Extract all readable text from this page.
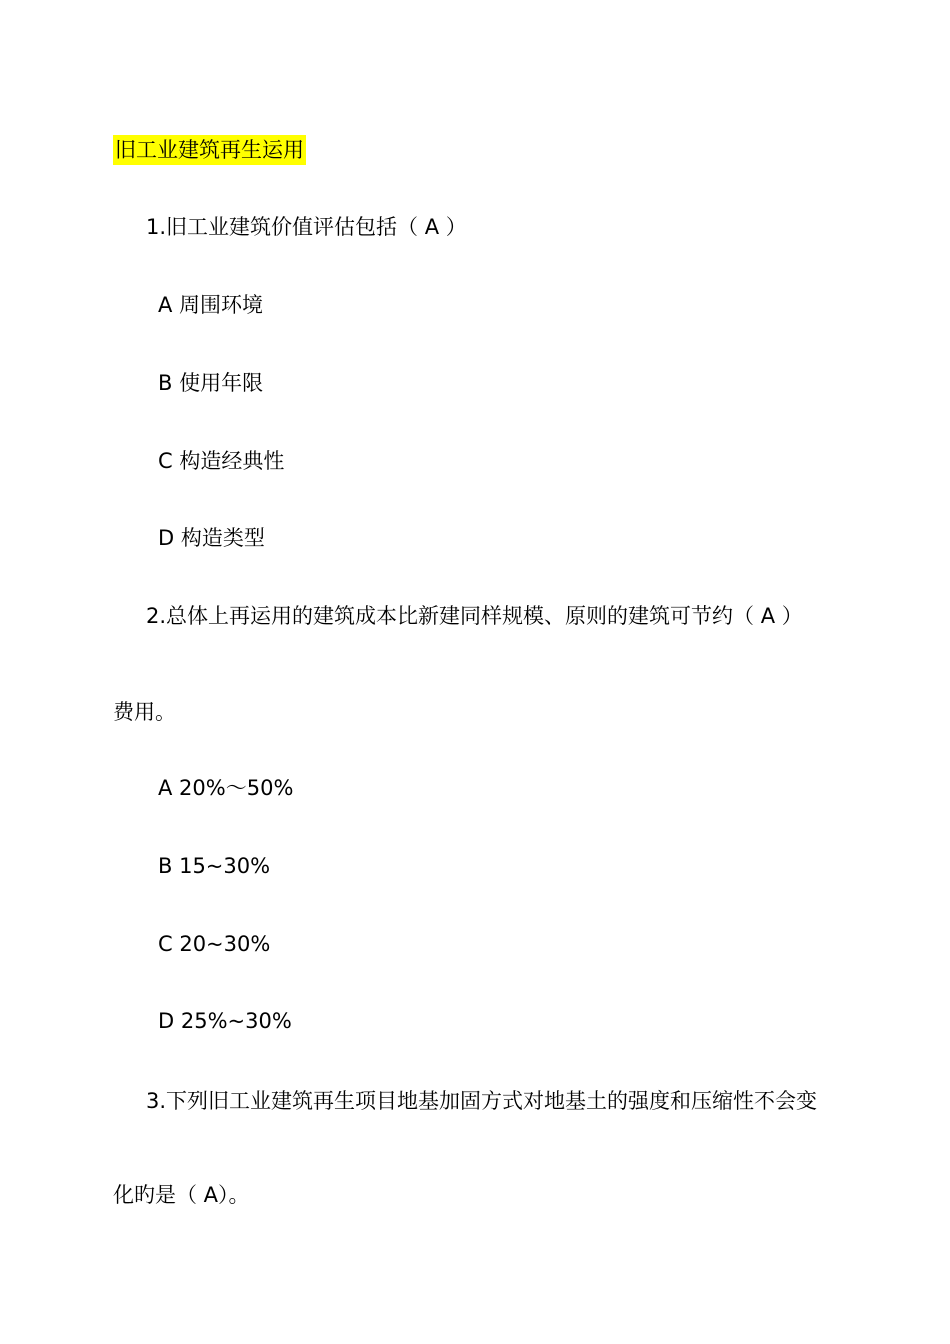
旧工业建筑再生运用
1.旧工业建筑价值评估包括（ A ）
A 周围环境
B 使用年限
C 构造经典性
D 构造类型
2.总体上再运用的建筑成本比新建同样规模、原则的建筑可节约（ A ）
费用。
A 20%～50%
B 15~30%
C 20~30%
D 25%~30%
3.下列旧工业建筑再生项目地基加固方式对地基土的强度和压缩性不会变
化旳是（ A）。
